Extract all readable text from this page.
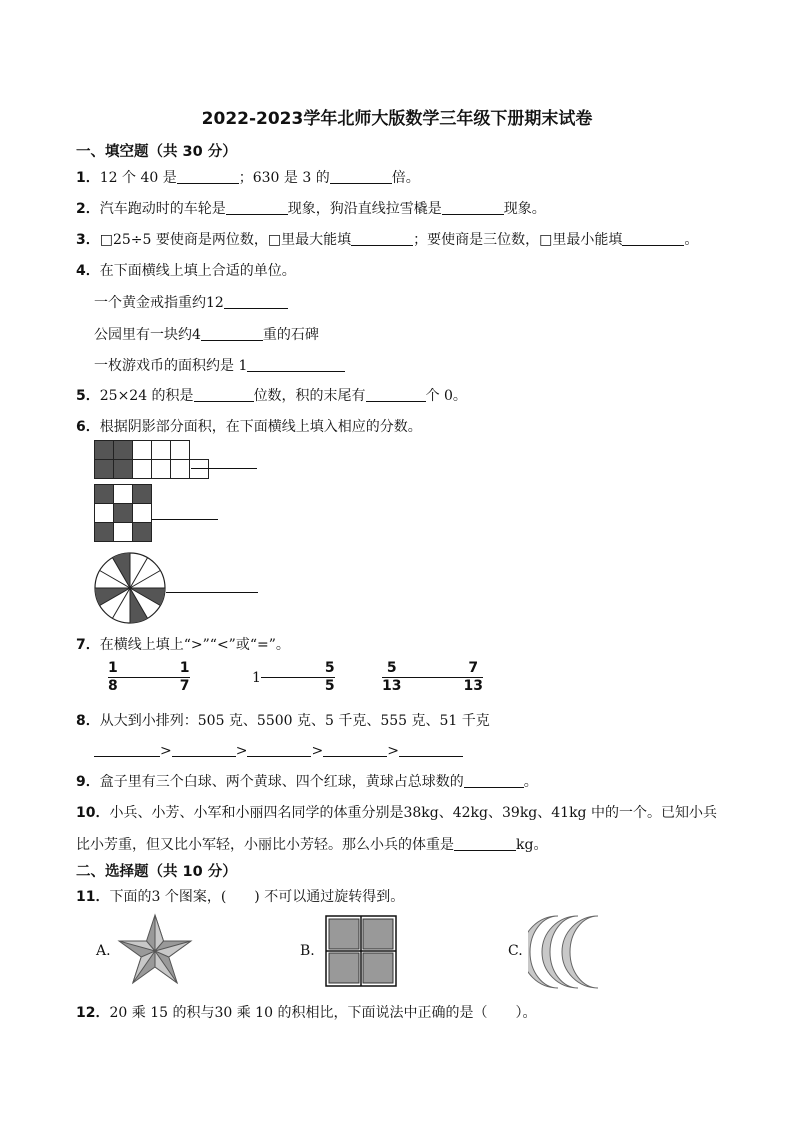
2022-2023学年北师大版数学三年级下册期末试卷
一、填空题（共 30 分）
1．12 个 40 是	；630 是 3 的	倍。
2．汽车跑动时的车轮是	现象，狗沿直线拉雪橇是	现象。
3．□25÷5 要使商是两位数，□里最大能填	；要使商是三位数，□里最小能填	。
4．在下面横线上填上合适的单位。
一个黄金戒指重约12
公园里有一块约4	重的石碑
一枚游戏币的面积约是 1
5．25×24 的积是	位数，积的末尾有	个 0。
6．根据阴影部分面积，在下面横线上填入相应的分数。
7．在横线上填上“>”“<”或“=”。
$\frac{1}{8}$	$\frac{1}{7}$	1	$\frac{5}{5}$	$\frac{5}{13}$	$\frac{7}{13}$
8．从大到小排列：505 克、5500 克、5 千克、555 克、51 千克
>	>	>	>
9．盒子里有三个白球、两个黄球、四个红球，黄球占总球数的	。
10．小兵、小芳、小军和小丽四名同学的体重分别是38kg、42kg、39kg、41kg 中的一个。已知小兵
比小芳重，但又比小军轻，小丽比小芳轻。那么小兵的体重是	kg。
二、选择题（共 10 分）
11．下面的3 个图案，(　　) 不可以通过旋转得到。
A.	B.	C.
12．20 乘 15 的积与30 乘 10 的积相比，下面说法中正确的是（　　）。
